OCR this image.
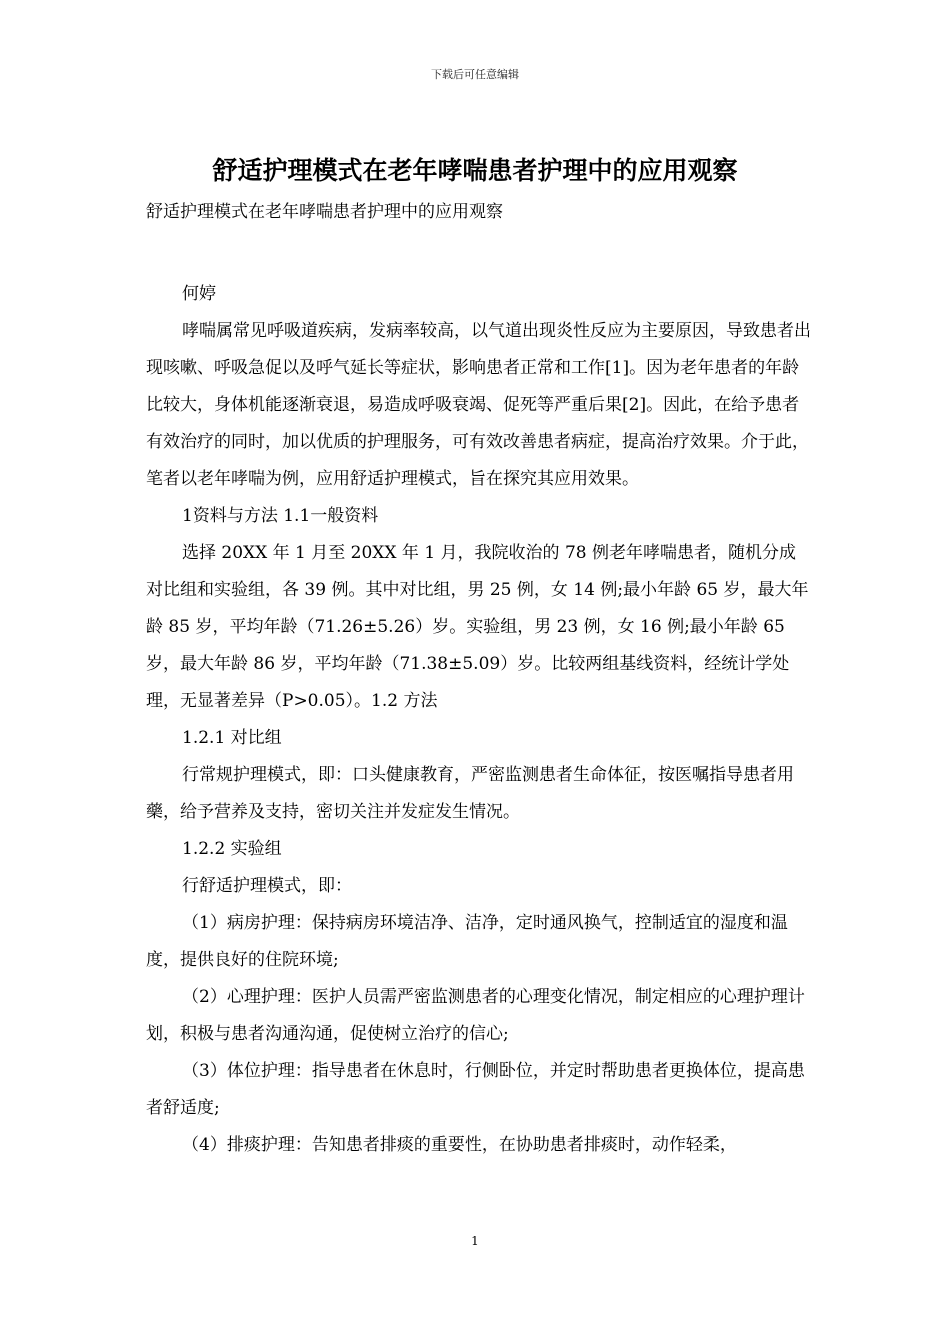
下载后可任意编辑
舒适护理模式在老年哮喘患者护理中的应用观察
舒适护理模式在老年哮喘患者护理中的应用观察

何婷

哮喘属常见呼吸道疾病，发病率较高，以气道出现炎性反应为主要原因，导致患者出现咳嗽、呼吸急促以及呼气延长等症状，影响患者正常和工作[1]。因为老年患者的年龄比较大，身体机能逐渐衰退，易造成呼吸衰竭、促死等严重后果[2]。因此，在给予患者有效治疗的同时，加以优质的护理服务，可有效改善患者病症，提高治疗效果。介于此，笔者以老年哮喘为例，应用舒适护理模式，旨在探究其应用效果。

1资料与方法 1.1一般资料

选择 20XX 年 1 月至 20XX 年 1 月，我院收治的 78 例老年哮喘患者，随机分成对比组和实验组，各 39 例。其中对比组，男 25 例，女 14 例;最小年龄 65 岁，最大年龄 85 岁，平均年龄（71.26±5.26）岁。实验组，男 23 例，女 16 例;最小年龄 65 岁，最大年龄 86 岁，平均年龄（71.38±5.09）岁。比较两组基线资料，经统计学处理，无显著差异（P>0.05）。1.2 方法

1.2.1 对比组

行常规护理模式，即：口头健康教育，严密监测患者生命体征，按医嘱指导患者用藥，给予营养及支持，密切关注并发症发生情况。

1.2.2 实验组

行舒适护理模式，即：

（1）病房护理：保持病房环境洁净、洁净，定时通风换气，控制适宜的湿度和温度，提供良好的住院环境;

（2）心理护理：医护人员需严密监测患者的心理变化情况，制定相应的心理护理计划，积极与患者沟通沟通，促使树立治疗的信心;

（3）体位护理：指导患者在休息时，行侧卧位，并定时帮助患者更换体位，提高患者舒适度;

（4）排痰护理：告知患者排痰的重要性，在协助患者排痰时，动作轻柔，

1
